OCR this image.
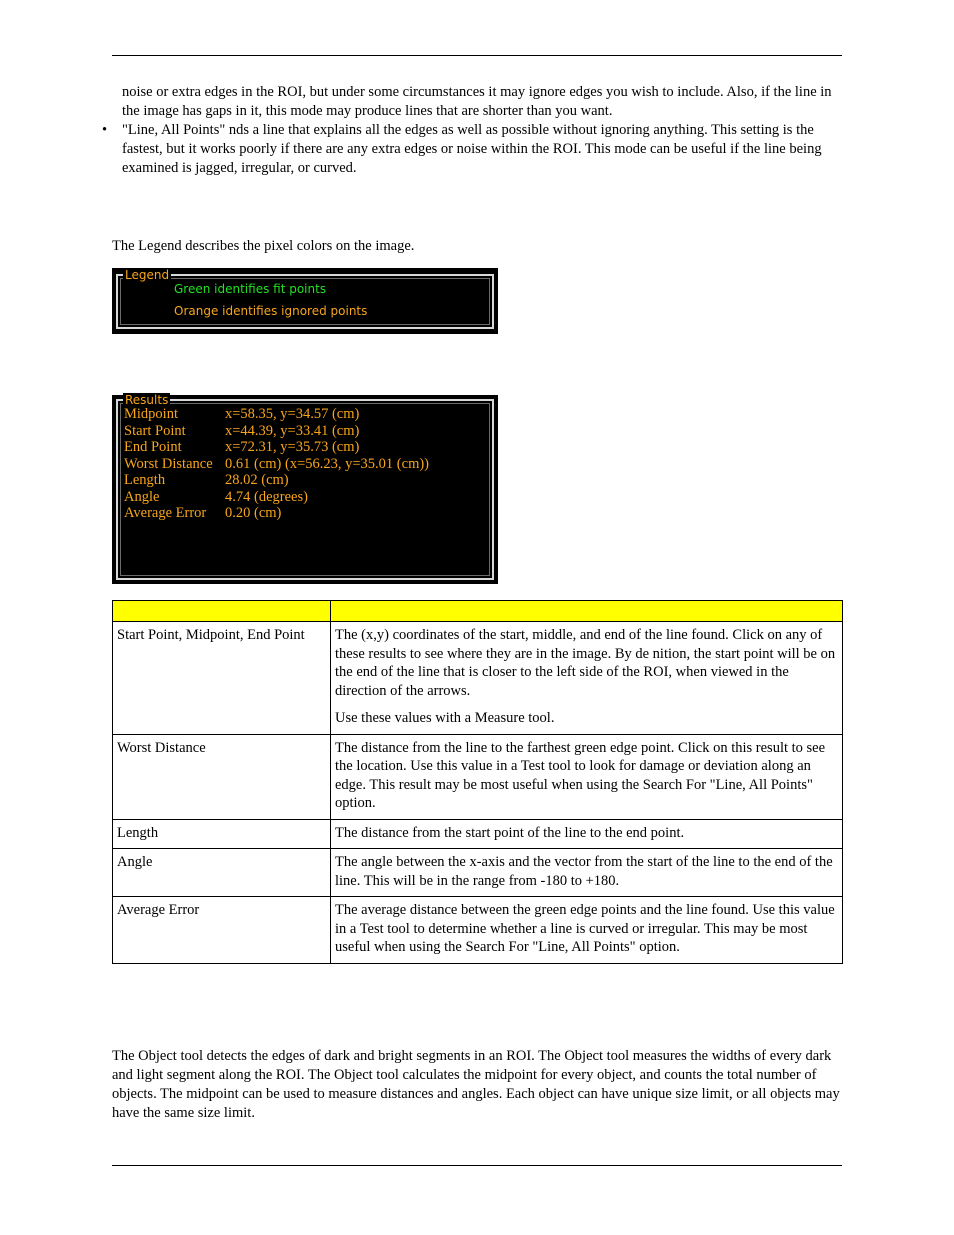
noise or extra edges in the ROI, but under some circumstances it may ignore edges you wish to include. Also, if the line in the image has gaps in it, this mode may produce lines that are shorter than you want.

• "Line, All Points" nds a line that explains all the edges as well as possible without ignoring anything. This setting is the fastest, but it works poorly if there are any extra edges or noise within the ROI. This mode can be useful if the line being examined is jagged, irregular, or curved.

The Legend describes the pixel colors on the image.
Legend
Green identifies fit points
Orange identifies ignored points
Results
Midpoint	x=58.35, y=34.57 (cm)
Start Point	x=44.39, y=33.41 (cm)
End Point	x=72.31, y=35.73 (cm)
Worst Distance 0.61 (cm) (x=56.23, y=35.01 (cm))
Length	28.02 (cm)
Angle	4.74 (degrees)
Average Error 0.20 (cm)

Start Point, Midpoint, End Point	The (x,y) coordinates of the start, middle, and end of the line found. Click on any of these results to see where they are in the image. By de nition, the start point will be on the end of the line that is closer to the left side of the ROI, when viewed in the direction of the arrows.

Use these values with a Measure tool.

Worst Distance	The distance from the line to the farthest green edge point. Click on this result to see the location. Use this value in a Test tool to look for damage or deviation along an edge. This result may be most useful when using the Search For "Line, All Points" option.

Length	The distance from the start point of the line to the end point.

Angle	The angle between the x-axis and the vector from the start of the line to the end of the line. This will be in the range from -180 to +180.

Average Error	The average distance between the green edge points and the line found. Use this value in a Test tool to determine whether a line is curved or irregular. This may be most useful when using the Search For "Line, All Points" option.

The Object tool detects the edges of dark and bright segments in an ROI. The Object tool measures the widths of every dark and light segment along the ROI. The Object tool calculates the midpoint for every object, and counts the total number of objects. The midpoint can be used to measure distances and angles. Each object can have unique size limit, or all objects may have the same size limit.
